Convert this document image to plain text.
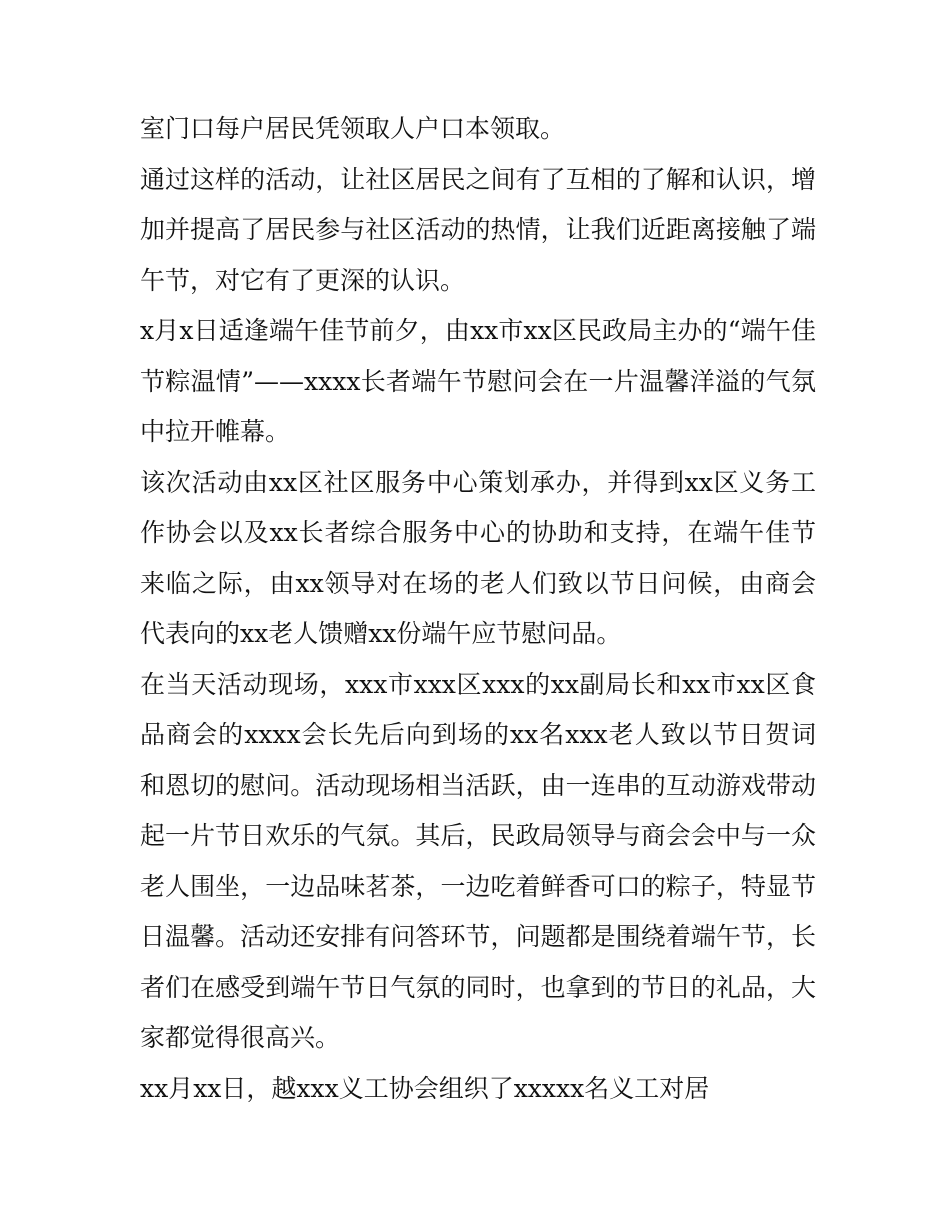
室门口每户居民凭领取人户口本领取。

通过这样的活动，让社区居民之间有了互相的了解和认识，增加并提高了居民参与社区活动的热情，让我们近距离接触了端午节，对它有了更深的认识。

x月x日适逢端午佳节前夕，由xx市xx区民政局主办的“端午佳节粽温情”——xxxx长者端午节慰问会在一片温馨洋溢的气氛中拉开帷幕。

该次活动由xx区社区服务中心策划承办，并得到xx区义务工作协会以及xx长者综合服务中心的协助和支持，在端午佳节来临之际，由xx领导对在场的老人们致以节日问候，由商会代表向的xx老人馈赠xx份端午应节慰问品。

在当天活动现场，xxx市xxx区xxx的xx副局长和xx市xx区食品商会的xxxx会长先后向到场的xx名xxx老人致以节日贺词和恩切的慰问。活动现场相当活跃，由一连串的互动游戏带动起一片节日欢乐的气氛。其后，民政局领导与商会会中与一众老人围坐，一边品味茗茶，一边吃着鲜香可口的粽子，特显节日温馨。活动还安排有问答环节，问题都是围绕着端午节，长者们在感受到端午节日气氛的同时，也拿到的节日的礼品，大家都觉得很高兴。

xx月xx日，越xxx义工协会组织了xxxxx名义工对居
